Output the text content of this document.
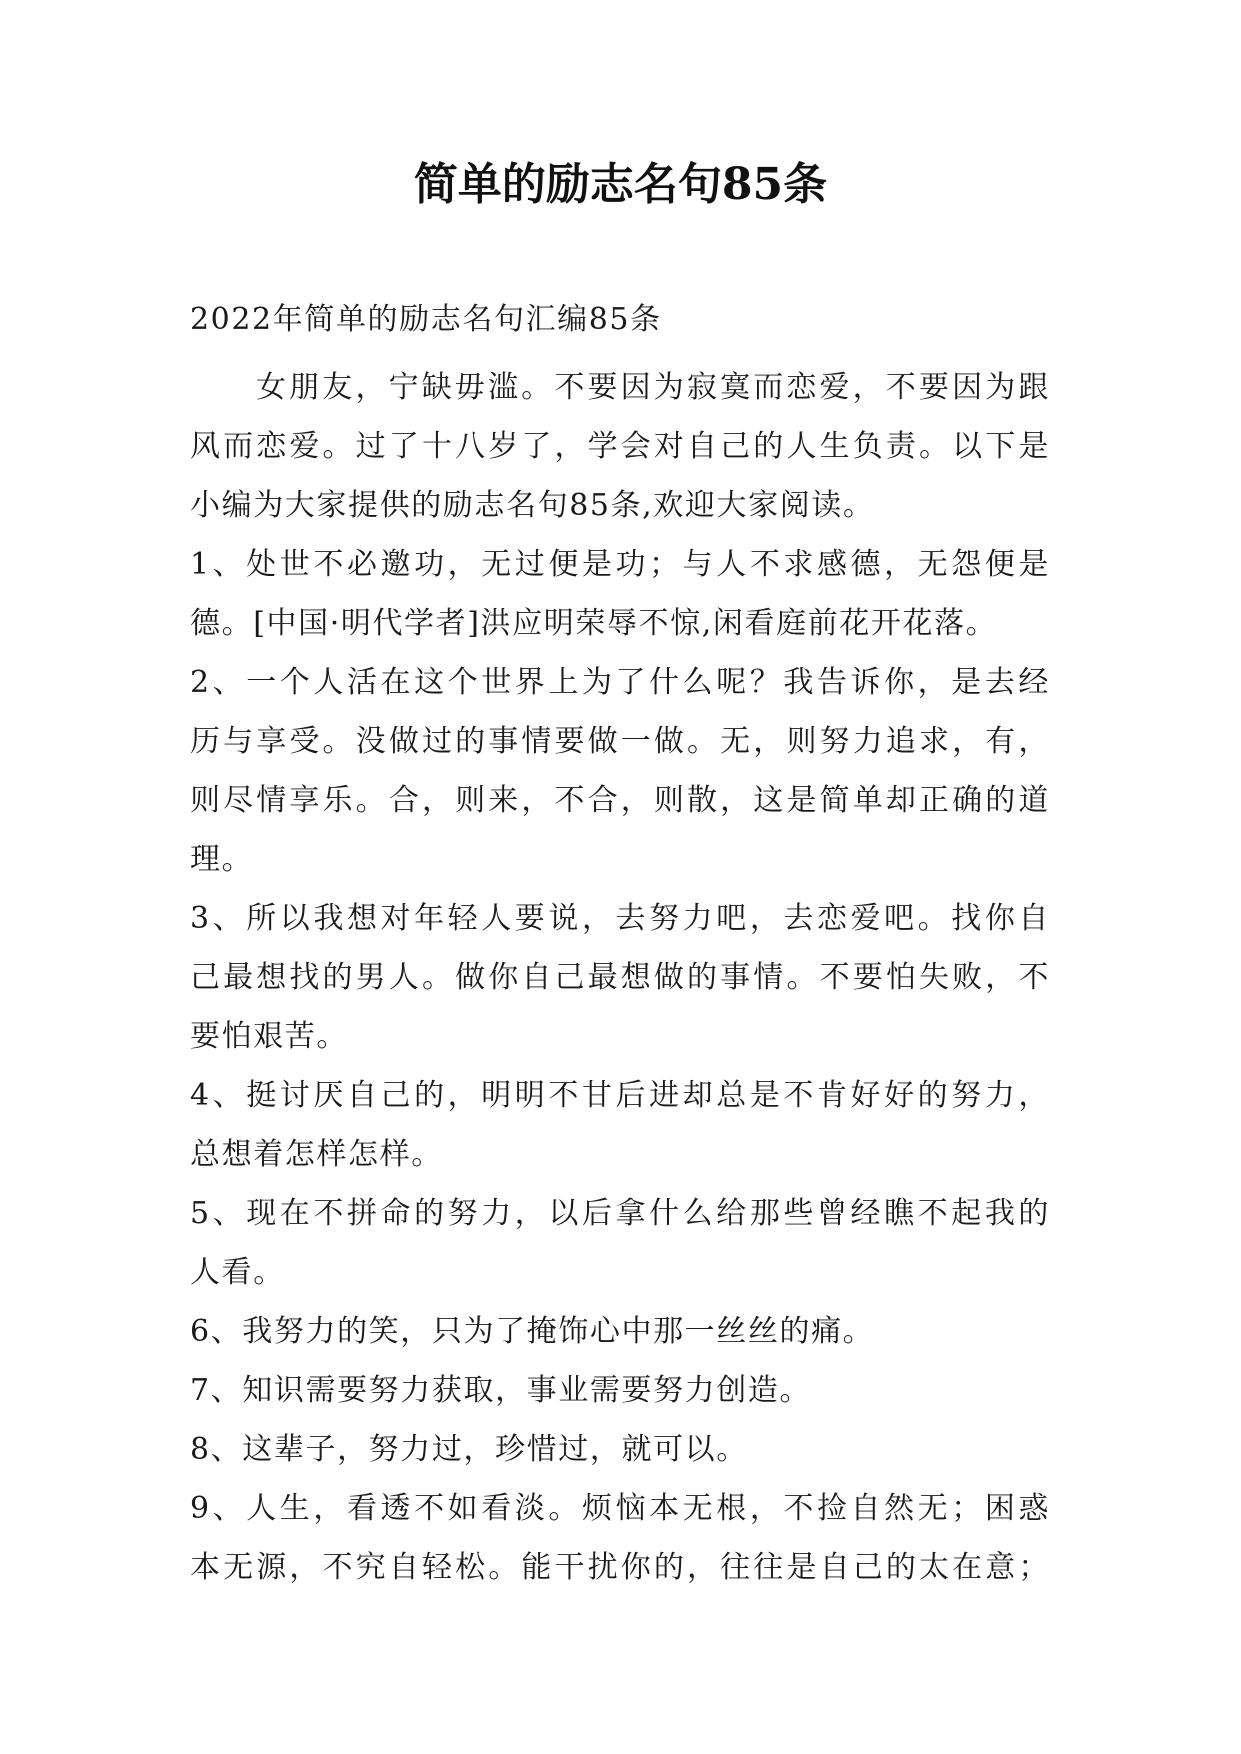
简单的励志名句85条
2022年简单的励志名句汇编85条
女朋友，宁缺毋滥。不要因为寂寞而恋爱，不要因为跟
风而恋爱。过了十八岁了，学会对自己的人生负责。以下是
小编为大家提供的励志名句85条,欢迎大家阅读。
1、处世不必邀功，无过便是功；与人不求感德，无怨便是
德。[中国·明代学者]洪应明荣辱不惊,闲看庭前花开花落。
2、一个人活在这个世界上为了什么呢？我告诉你，是去经
历与享受。没做过的事情要做一做。无，则努力追求，有，
则尽情享乐。合，则来，不合，则散，这是简单却正确的道
理。
3、所以我想对年轻人要说，去努力吧，去恋爱吧。找你自
己最想找的男人。做你自己最想做的事情。不要怕失败，不
要怕艰苦。
4、挺讨厌自己的，明明不甘后进却总是不肯好好的努力，
总想着怎样怎样。
5、现在不拼命的努力，以后拿什么给那些曾经瞧不起我的
人看。
6、我努力的笑，只为了掩饰心中那一丝丝的痛。
7、知识需要努力获取，事业需要努力创造。
8、这辈子，努力过，珍惜过，就可以。
9、人生，看透不如看淡。烦恼本无根，不捡自然无；困惑
本无源，不究自轻松。能干扰你的，往往是自己的太在意；
